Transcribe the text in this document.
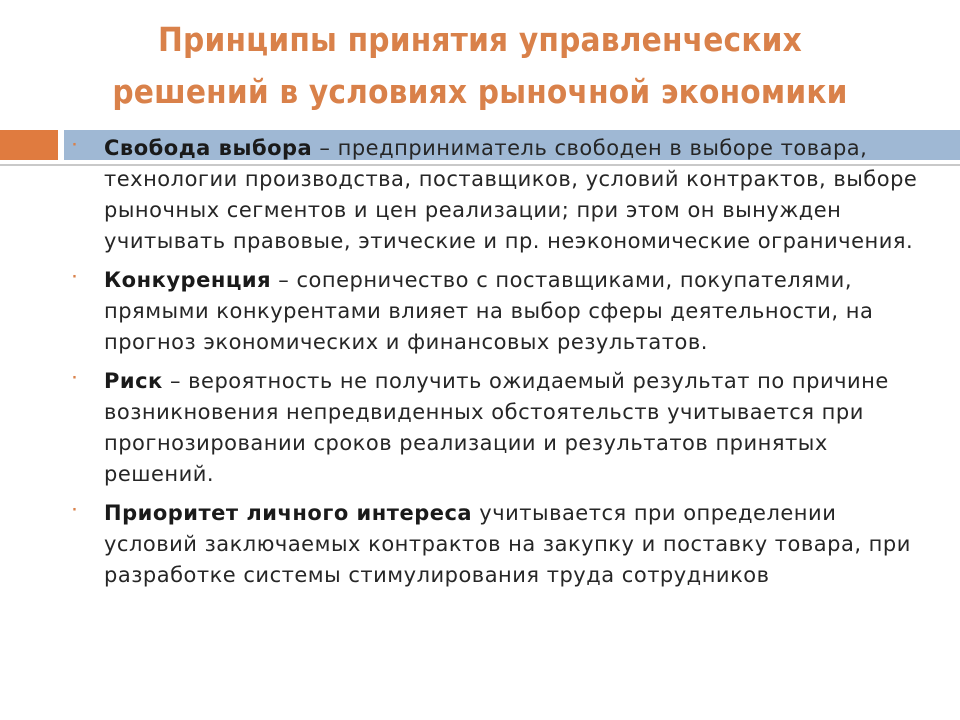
Принципы принятия управленческих решений в условиях рыночной экономики
· Свобода выбора – предприниматель свободен в выборе товара, технологии производства, поставщиков, условий контрактов, выборе рыночных сегментов и цен реализации; при этом он вынужден учитывать правовые, этические и пр. неэкономические ограничения.
· Конкуренция – соперничество с поставщиками, покупателями, прямыми конкурентами влияет на выбор сферы деятельности, на прогноз экономических и финансовых результатов.
· Риск – вероятность не получить ожидаемый результат по причине возникновения непредвиденных обстоятельств учитывается при прогнозировании сроков реализации и результатов принятых решений.
· Приоритет личного интереса учитывается при определении условий заключаемых контрактов на закупку и поставку товара, при разработке системы стимулирования труда сотрудников
